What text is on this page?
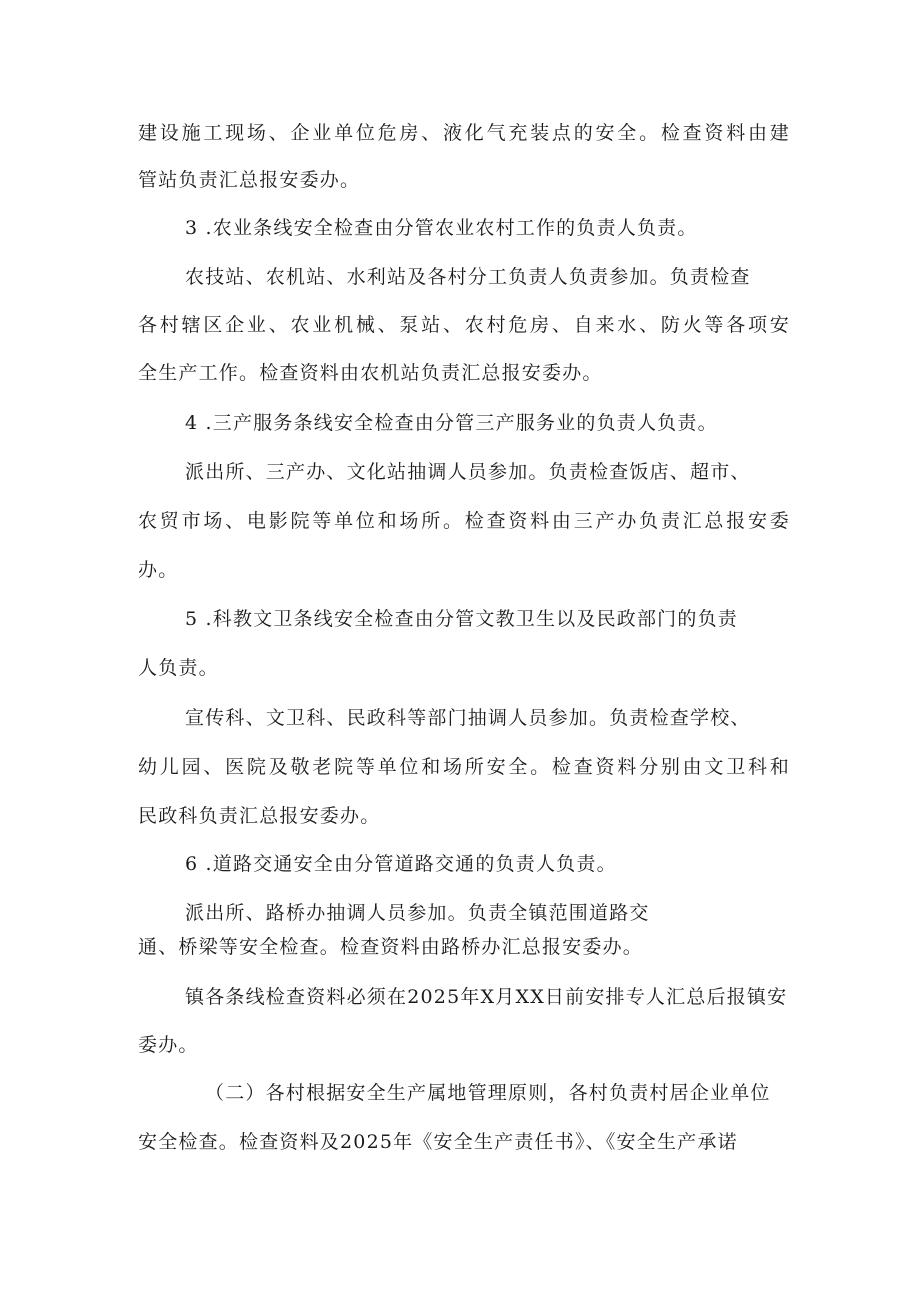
建设施工现场、企业单位危房、液化气充装点的安全。检查资料由建
管站负责汇总报安委办。
3 .农业条线安全检查由分管农业农村工作的负责人负责。
农技站、农机站、水利站及各村分工负责人负责参加。负责检查
各村辖区企业、农业机械、泵站、农村危房、自来水、防火等各项安
全生产工作。检查资料由农机站负责汇总报安委办。
4 .三产服务条线安全检查由分管三产服务业的负责人负责。
派出所、三产办、文化站抽调人员参加。负责检查饭店、超市、
农贸市场、电影院等单位和场所。检查资料由三产办负责汇总报安委
办。
5 .科教文卫条线安全检查由分管文教卫生以及民政部门的负责
人负责。
宣传科、文卫科、民政科等部门抽调人员参加。负责检查学校、
幼儿园、医院及敬老院等单位和场所安全。检查资料分别由文卫科和
民政科负责汇总报安委办。
6 .道路交通安全由分管道路交通的负责人负责。
派出所、路桥办抽调人员参加。负责全镇范围道路交
通、桥梁等安全检查。检查资料由路桥办汇总报安委办。
镇各条线检查资料必须在2025年X月XX日前安排专人汇总后报镇安
委办。
（二）各村根据安全生产属地管理原则，各村负责村居企业单位
安全检查。检查资料及2025年《安全生产责任书》、《安全生产承诺
